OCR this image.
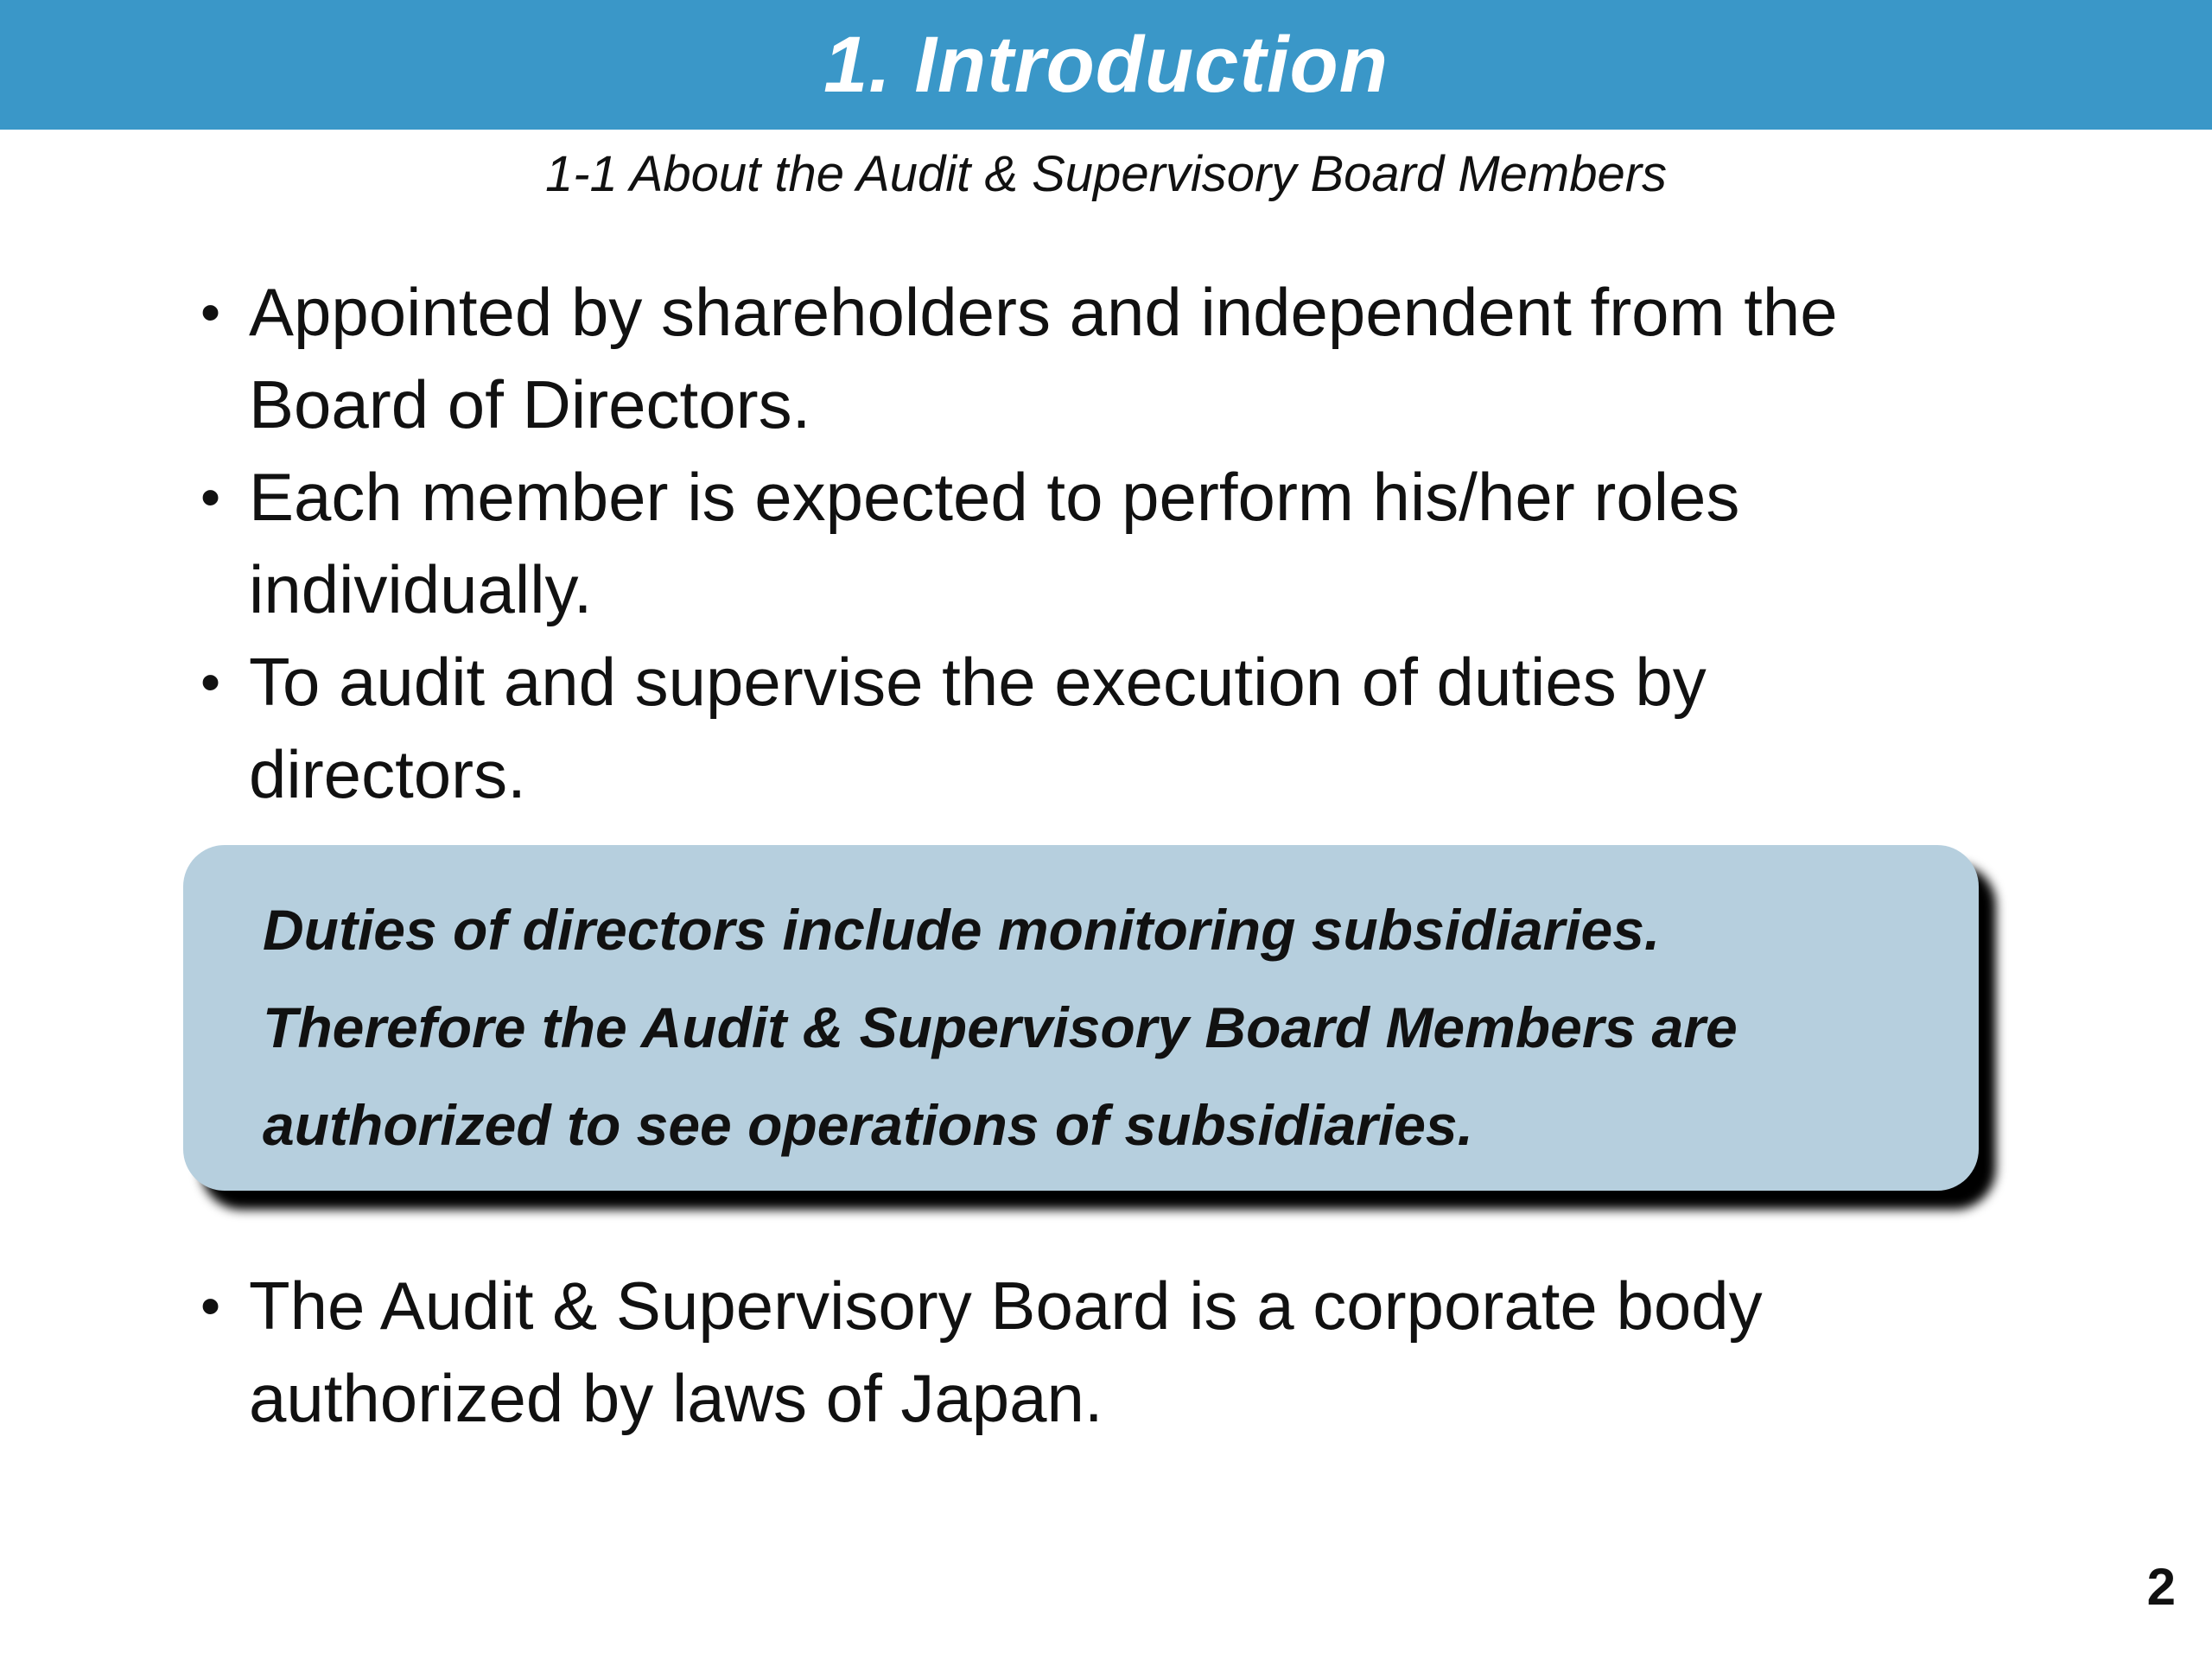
1. Introduction
1-1 About the Audit & Supervisory Board Members
• Appointed by shareholders and independent from the
Board of Directors.
• Each member is expected to perform his/her roles
individually.
• To audit and supervise the execution of duties by
directors.
Duties of directors include monitoring subsidiaries.
Therefore the Audit & Supervisory Board Members are
authorized to see operations of subsidiaries.
• The Audit & Supervisory Board is a corporate body
authorized by laws of Japan.
2
